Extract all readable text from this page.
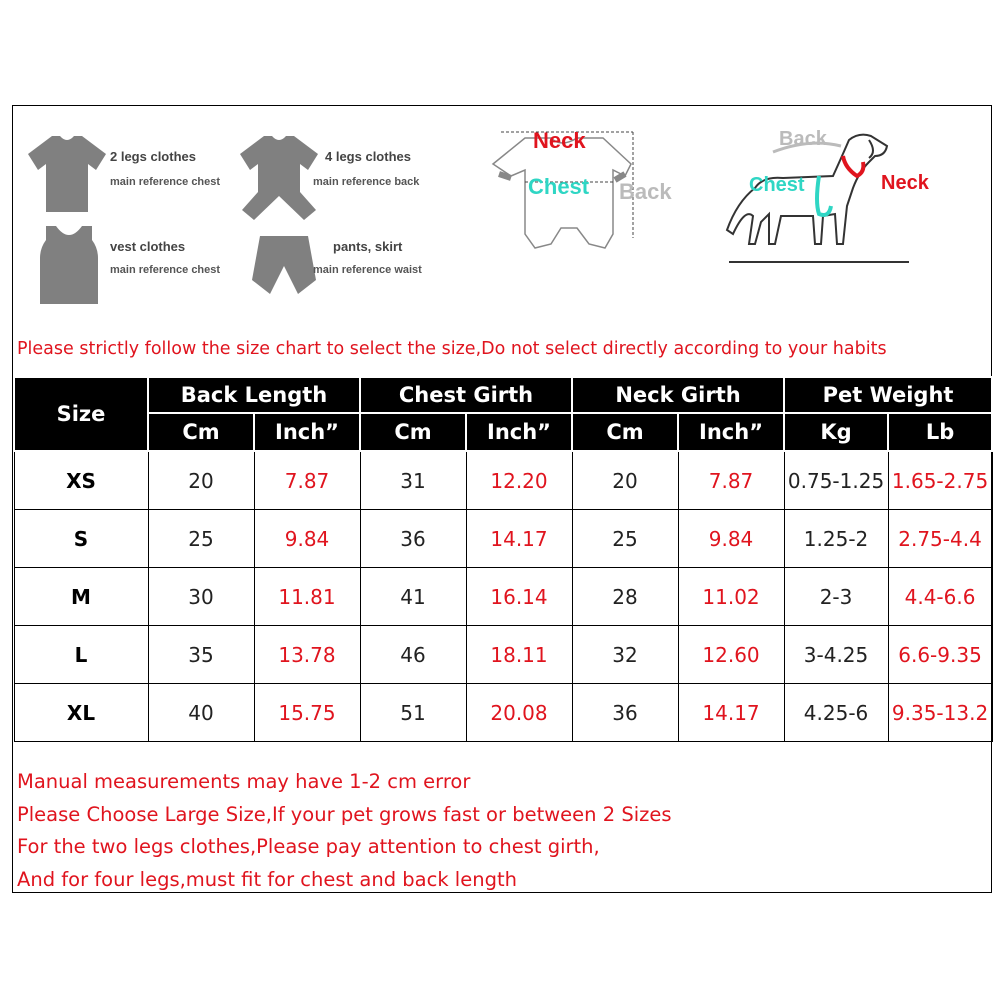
2 legs clothes
main reference chest
4 legs clothes
main reference back
vest clothes
main reference chest
pants, skirt
main reference waist
Neck
Chest Back
Back
Chest	Neck
Please strictly follow the size chart to select the size,Do not select directly according to your habits
Size	Back Length		Chest Girth		Neck Girth		Pet Weight	
	Cm	Inch”	Cm	Inch”	Cm	Inch”	Kg	Lb
XS	20	7.87	31	12.20	20	7.87	0.75-1.25	1.65-2.75
S	25	9.84	36	14.17	25	9.84	1.25-2	2.75-4.4
M	30	11.81	41	16.14	28	11.02	2-3	4.4-6.6
L	35	13.78	46	18.11	32	12.60	3-4.25	6.6-9.35
XL	40	15.75	51	20.08	36	14.17	4.25-6	9.35-13.2
Manual measurements may have 1-2 cm error
Please Choose Large Size,If your pet grows fast or between 2 Sizes
For the two legs clothes,Please pay attention to chest girth,
And for four legs,must fit for chest and back length
